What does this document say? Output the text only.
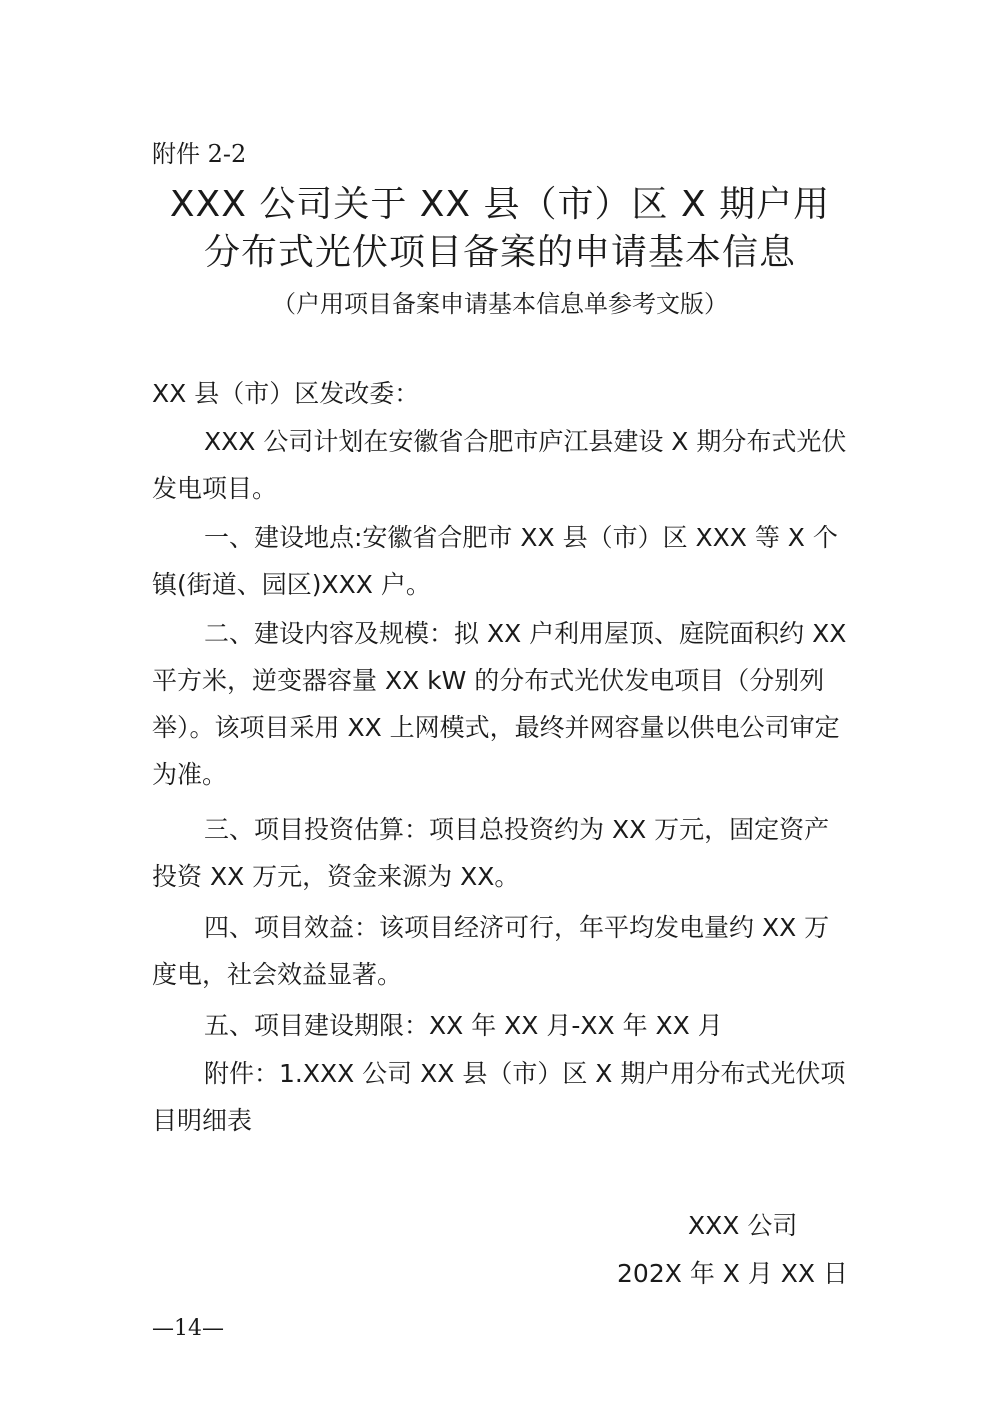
附件 2-2
XXX 公司关于 XX 县（市）区 X 期户用
分布式光伏项目备案的申请基本信息
（户用项目备案申请基本信息单参考文版）
XX 县（市）区发改委：
XXX 公司计划在安徽省合肥市庐江县建设 X 期分布式光伏发电项目。
一、建设地点:安徽省合肥市 XX 县（市）区 XXX 等 X 个镇(街道、园区)XXX 户。
二、建设内容及规模：拟 XX 户利用屋顶、庭院面积约 XX 平方米，逆变器容量 XX kW 的分布式光伏发电项目（分别列举）。该项目采用 XX 上网模式，最终并网容量以供电公司审定为准。
三、项目投资估算：项目总投资约为 XX 万元，固定资产投资 XX 万元，资金来源为 XX。
四、项目效益：该项目经济可行，年平均发电量约 XX 万度电，社会效益显著。
五、项目建设期限：XX 年 XX 月-XX 年 XX 月
附件：1.XXX 公司 XX 县（市）区 X 期户用分布式光伏项目明细表
XXX 公司
202X 年 X 月 XX 日
—14—
